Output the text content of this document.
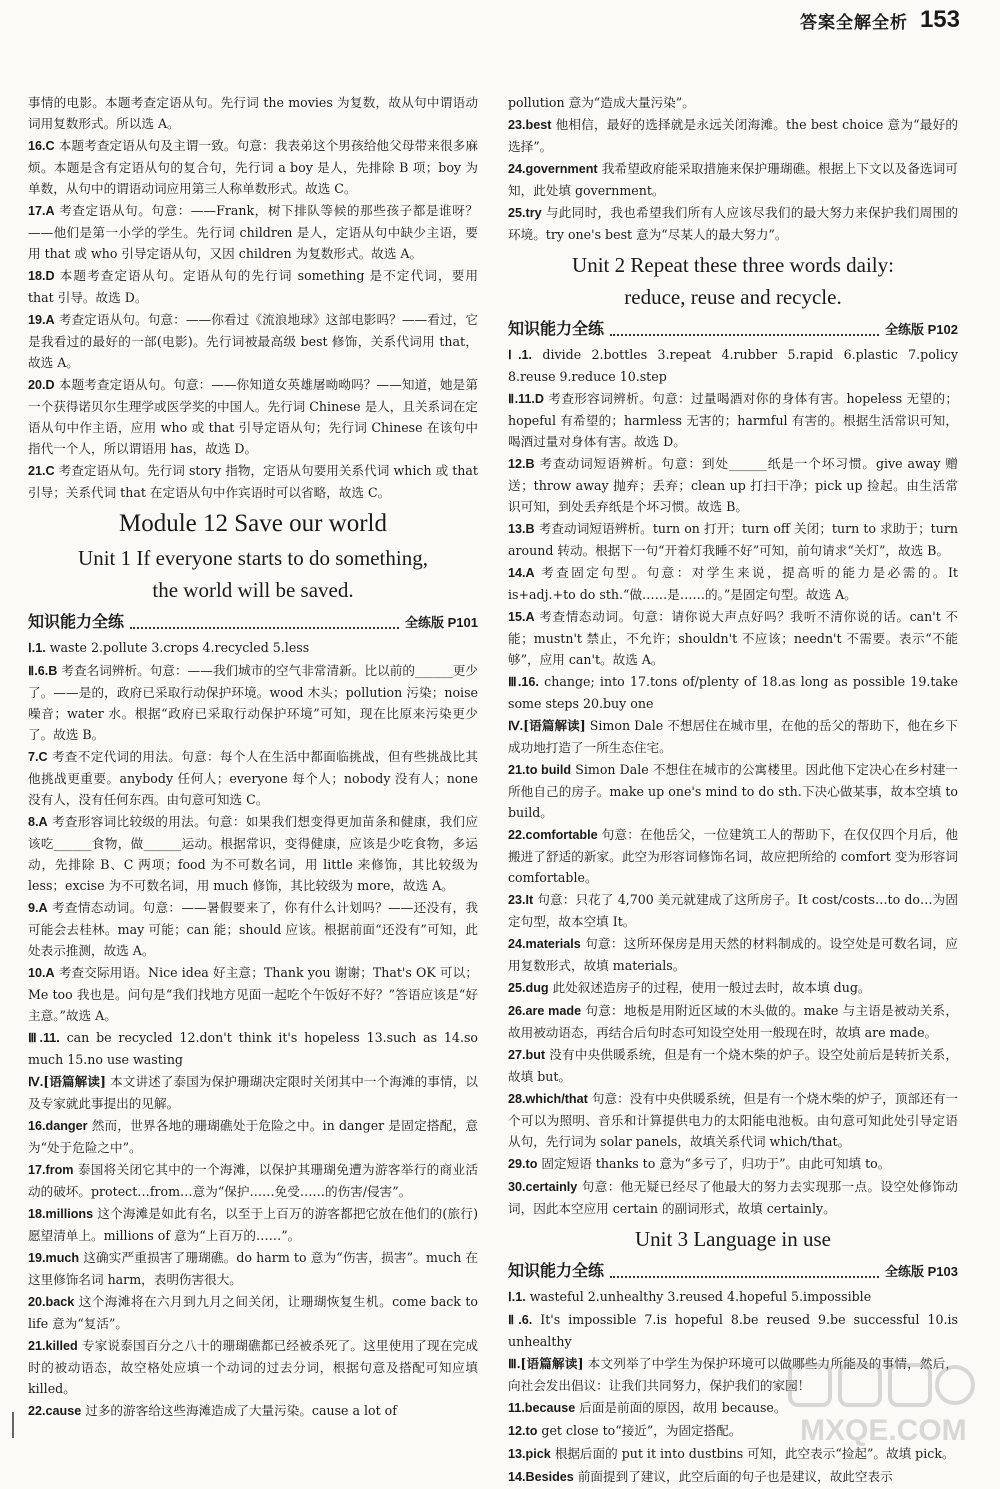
答案全解全析 153

事情的电影。本题考查定语从句。先行词 the movies 为复数，故从句中谓语动词用复数形式。所以选 A。

16.C 本题考查定语从句及主谓一致。句意：我表弟这个男孩给他父母带来很多麻烦。本题是含有定语从句的复合句，先行词 a boy 是人，先排除 B 项；boy 为单数，从句中的谓语动词应用第三人称单数形式。故选 C。

17.A 考查定语从句。句意：——Frank，树下排队等候的那些孩子都是谁呀？——他们是第一小学的学生。先行词 children 是人，定语从句中缺少主语，要用 that 或 who 引导定语从句，又因 children 为复数形式。故选 A。

18.D 本题考查定语从句。定语从句的先行词 something 是不定代词，要用 that 引导。故选 D。

19.A 考查定语从句。句意：——你看过《流浪地球》这部电影吗？——看过，它是我看过的最好的一部(电影)。先行词被最高级 best 修饰，关系代词用 that，故选 A。

20.D 本题考查定语从句。句意：——你知道女英雄屠呦呦吗？——知道，她是第一个获得诺贝尔生理学或医学奖的中国人。先行词 Chinese 是人，且关系词在定语从句中作主语，应用 who 或 that 引导定语从句；先行词 Chinese 在该句中指代一个人，所以谓语用 has，故选 D。

21.C 考查定语从句。先行词 story 指物，定语从句要用关系代词 which 或 that 引导；关系代词 that 在定语从句中作宾语时可以省略，故选 C。

Module 12 Save our world
Unit 1 If everyone starts to do something,
the world will be saved.
知识能力全练	全练版 P101

Ⅰ.1. waste 2.pollute 3.crops 4.recycled 5.less

Ⅱ.6.B 考查名词辨析。句意：——我们城市的空气非常清新。比以前的______更少了。——是的，政府已采取行动保护环境。wood 木头；pollution 污染；noise 噪音；water 水。根据“政府已采取行动保护环境”可知，现在比原来污染更少了。故选 B。

7.C 考查不定代词的用法。句意：每个人在生活中都面临挑战，但有些挑战比其他挑战更重要。anybody 任何人；everyone 每个人；nobody 没有人；none 没有人，没有任何东西。由句意可知选 C。

8.A 考查形容词比较级的用法。句意：如果我们想变得更加苗条和健康，我们应该吃______食物，做______运动。根据常识，变得健康，应该是少吃食物，多运动，先排除 B、C 两项；food 为不可数名词，用 little 来修饰，其比较级为 less；excise 为不可数名词，用 much 修饰，其比较级为 more，故选 A。

9.A 考查情态动词。句意：——暑假要来了，你有什么计划吗？——还没有，我可能会去桂林。may 可能；can 能；should 应该。根据前面“还没有”可知，此处表示推测，故选 A。

10.A 考查交际用语。Nice idea 好主意；Thank you 谢谢；That's OK 可以；Me too 我也是。问句是“我们找地方见面一起吃个午饭好不好？”答语应该是“好主意。”故选 A。

Ⅲ.11. can be recycled 12.don't think it's hopeless 13.such as 14.so much 15.no use wasting

Ⅳ.[语篇解读] 本文讲述了泰国为保护珊瑚决定限时关闭其中一个海滩的事情，以及专家就此事提出的见解。

16.danger 然而，世界各地的珊瑚礁处于危险之中。in danger 是固定搭配，意为“处于危险之中”。

17.from 泰国将关闭它其中的一个海滩，以保护其珊瑚免遭为游客举行的商业活动的破坏。protect…from…意为“保护……免受……的伤害/侵害”。

18.millions 这个海滩是如此有名，以至于上百万的游客都把它放在他们的(旅行)愿望清单上。millions of 意为“上百万的……”。

19.much 这确实严重损害了珊瑚礁。do harm to 意为“伤害，损害”。much 在这里修饰名词 harm，表明伤害很大。

20.back 这个海滩将在六月到九月之间关闭，让珊瑚恢复生机。come back to life 意为“复活”。

21.killed 专家说泰国百分之八十的珊瑚礁都已经被杀死了。这里使用了现在完成时的被动语态，故空格处应填一个动词的过去分词，根据句意及搭配可知应填 killed。

22.cause 过多的游客给这些海滩造成了大量污染。cause a lot of

pollution 意为“造成大量污染”。

23.best 他相信，最好的选择就是永远关闭海滩。the best choice 意为“最好的选择”。

24.government 我希望政府能采取措施来保护珊瑚礁。根据上下文以及备选词可知，此处填 government。

25.try 与此同时，我也希望我们所有人应该尽我们的最大努力来保护我们周围的环境。try one's best 意为“尽某人的最大努力”。

Unit 2 Repeat these three words daily:
reduce, reuse and recycle.
知识能力全练	全练版 P102

Ⅰ.1. divide 2.bottles 3.repeat 4.rubber 5.rapid 6.plastic 7.policy 8.reuse 9.reduce 10.step

Ⅱ.11.D 考查形容词辨析。句意：过量喝酒对你的身体有害。hopeless 无望的；hopeful 有希望的；harmless 无害的；harmful 有害的。根据生活常识可知，喝酒过量对身体有害。故选 D。

12.B 考查动词短语辨析。句意：到处______纸是一个坏习惯。give away 赠送；throw away 抛弃；丢弃；clean up 打扫干净；pick up 捡起。由生活常识可知，到处丢弃纸是个坏习惯。故选 B。

13.B 考查动词短语辨析。turn on 打开；turn off 关闭；turn to 求助于；turn around 转动。根据下一句“开着灯我睡不好”可知，前句请求“关灯”，故选 B。

14.A 考查固定句型。句意：对学生来说，提高听的能力是必需的。It is+adj.+to do sth.“做……是……的。”是固定句型。故选 A。

15.A 考查情态动词。句意：请你说大声点好吗？我听不清你说的话。can't 不能；mustn't 禁止，不允许；shouldn't 不应该；needn't 不需要。表示“不能够”，应用 can't。故选 A。

Ⅲ.16. change; into 17.tons of/plenty of 18.as long as possible 19.take some steps 20.buy one

Ⅳ.[语篇解读] Simon Dale 不想居住在城市里，在他的岳父的帮助下，他在乡下成功地打造了一所生态住宅。

21.to build Simon Dale 不想住在城市的公寓楼里。因此他下定决心在乡村建一所他自己的房子。make up one's mind to do sth.下决心做某事，故本空填 to build。

22.comfortable 句意：在他岳父，一位建筑工人的帮助下，在仅仅四个月后，他搬进了舒适的新家。此空为形容词修饰名词，故应把所给的 comfort 变为形容词 comfortable。

23.It 句意：只花了 4,700 美元就建成了这所房子。It cost/costs…to do…为固定句型，故本空填 It。

24.materials 句意：这所环保房是用天然的材料制成的。设空处是可数名词，应用复数形式，故填 materials。

25.dug 此处叙述造房子的过程，使用一般过去时，故本填 dug。

26.are made 句意：地板是用附近区域的木头做的。make 与主语是被动关系，故用被动语态，再结合后句时态可知设空处用一般现在时，故填 are made。

27.but 没有中央供暖系统，但是有一个烧木柴的炉子。设空处前后是转折关系，故填 but。

28.which/that 句意：没有中央供暖系统，但是有一个烧木柴的炉子，顶部还有一个可以为照明、音乐和计算提供电力的太阳能电池板。由句意可知此处引导定语从句，先行词为 solar panels，故填关系代词 which/that。

29.to 固定短语 thanks to 意为“多亏了，归功于”。由此可知填 to。

30.certainly 句意：他无疑已经尽了他最大的努力去实现那一点。设空处修饰动词，因此本空应用 certain 的副词形式，故填 certainly。

Unit 3 Language in use
知识能力全练	全练版 P103

Ⅰ.1. wasteful 2.unhealthy 3.reused 4.hopeful 5.impossible

Ⅱ.6. It's impossible 7.is hopeful 8.be reused 9.be successful 10.is unhealthy

Ⅲ.[语篇解读] 本文列举了中学生为保护环境可以做哪些力所能及的事情，然后，向社会发出倡议：让我们共同努力，保护我们的家园！

11.because 后面是前面的原因，故用 because。

12.to get close to“接近”，为固定搭配。

13.pick 根据后面的 put it into dustbins 可知，此空表示“捡起”。故填 pick。

14.Besides 前面提到了建议，此空后面的句子也是建议，故此空表示

MXQE.COM
